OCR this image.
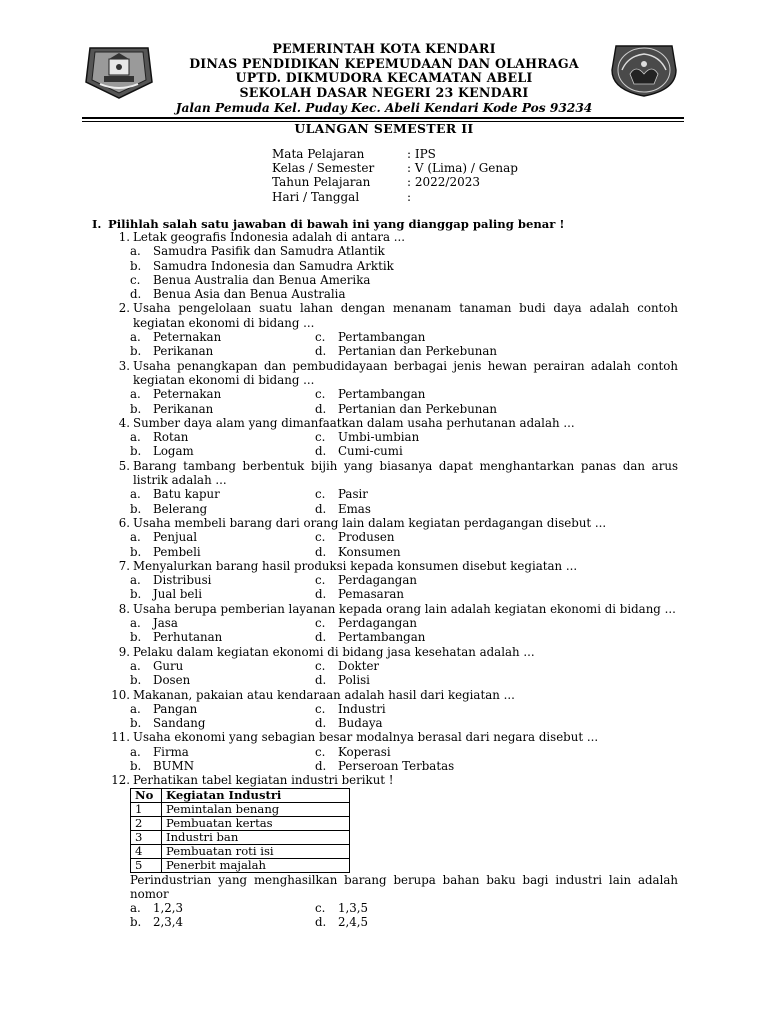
PEMERINTAH KOTA KENDARI
DINAS PENDIDIKAN KEPEMUDAAN DAN OLAHRAGA
UPTD. DIKMUDORA KECAMATAN ABELI
SEKOLAH DASAR NEGERI 23 KENDARI
Jalan Pemuda Kel. Puday Kec. Abeli Kendari Kode Pos 93234
ULANGAN SEMESTER II
Mata Pelajaran	: IPS
Kelas / Semester	: V (Lima) / Genap
Tahun Pelajaran	: 2022/2023
Hari / Tanggal	:
I. Pilihlah salah satu jawaban di bawah ini yang dianggap paling benar !
1. Letak geografis Indonesia adalah di antara ...
a.	Samudra Pasifik dan Samudra Atlantik
b. Samudra Indonesia dan Samudra Arktik
c.	Benua Australia dan Benua Amerika
d. Benua Asia dan Benua Australia
2. Usaha pengelolaan suatu lahan dengan menanam tanaman budi daya adalah contoh kegiatan ekonomi di bidang ...
a.	Peternakan	c.	Pertambangan
b. Perikanan	d. Pertanian dan Perkebunan
3. Usaha penangkapan dan pembudidayaan berbagai jenis hewan perairan adalah contoh kegiatan ekonomi di bidang ...
a.	Peternakan	c.	Pertambangan
b. Perikanan	d. Pertanian dan Perkebunan
4. Sumber daya alam yang dimanfaatkan dalam usaha perhutanan adalah ...
a.	Rotan	c.	Umbi-umbian
b. Logam	d. Cumi-cumi
5. Barang tambang berbentuk bijih yang biasanya dapat menghantarkan panas dan arus listrik adalah ...
a.	Batu kapur	c.	Pasir
b. Belerang	d. Emas
6. Usaha membeli barang dari orang lain dalam kegiatan perdagangan disebut ...
a.	Penjual	c.	Produsen
b. Pembeli	d. Konsumen
7. Menyalurkan barang hasil produksi kepada konsumen disebut kegiatan ...
a.	Distribusi	c.	Perdagangan
b. Jual beli	d. Pemasaran
8. Usaha berupa pemberian layanan kepada orang lain adalah kegiatan ekonomi di bidang ...
a.	Jasa	c.	Perdagangan
b. Perhutanan	d. Pertambangan
9. Pelaku dalam kegiatan ekonomi di bidang jasa kesehatan adalah ...
a.	Guru	c.	Dokter
b. Dosen	d. Polisi
10. Makanan, pakaian atau kendaraan adalah hasil dari kegiatan ...
a.	Pangan	c.	Industri
b. Sandang	d. Budaya
11. Usaha ekonomi yang sebagian besar modalnya berasal dari negara disebut ...
a.	Firma	c.	Koperasi
b. BUMN	d. Perseroan Terbatas
12. Perhatikan tabel kegiatan industri berikut !
No	Kegiatan Industri
1	Pemintalan benang
2	Pembuatan kertas
3	Industri ban
4	Pembuatan roti isi
5	Penerbit majalah
Perindustrian yang menghasilkan barang berupa bahan baku bagi industri lain adalah nomor
a.	1,2,3	c.	1,3,5
b. 2,3,4	d. 2,4,5
